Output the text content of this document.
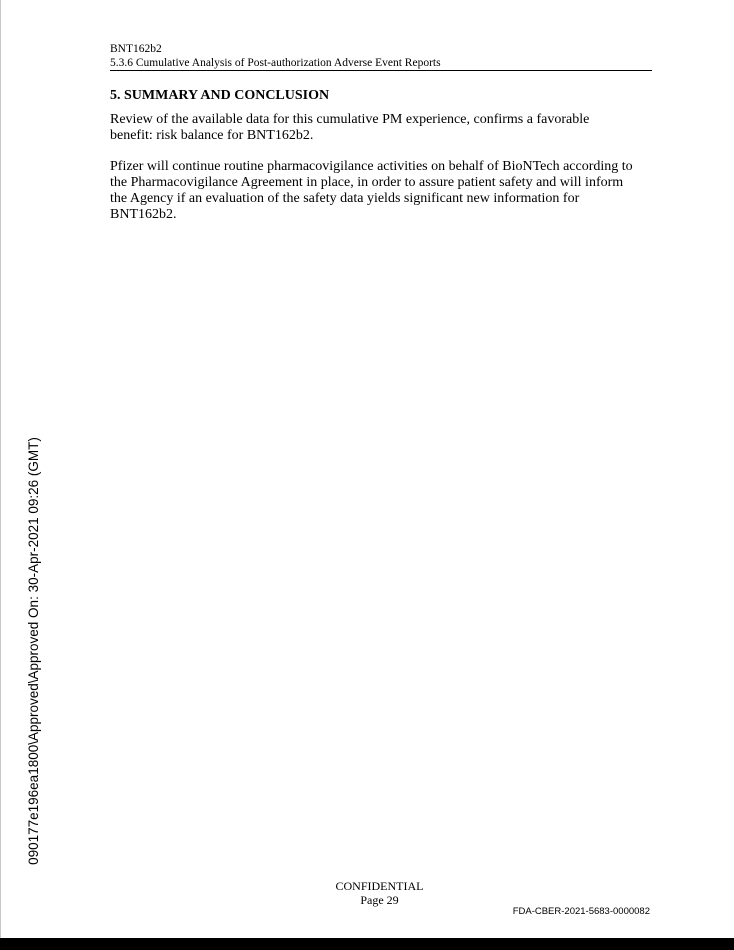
BNT162b2
5.3.6 Cumulative Analysis of Post-authorization Adverse Event Reports
5. SUMMARY AND CONCLUSION

Review of the available data for this cumulative PM experience, confirms a favorable
benefit: risk balance for BNT162b2.

Pfizer will continue routine pharmacovigilance activities on behalf of BioNTech according to
the Pharmacovigilance Agreement in place, in order to assure patient safety and will inform
the Agency if an evaluation of the safety data yields significant new information for
BNT162b2.

090177e196ea1800\Approved\Approved On: 30-Apr-2021 09:26 (GMT)
CONFIDENTIAL
Page 29
FDA-CBER-2021-5683-0000082
